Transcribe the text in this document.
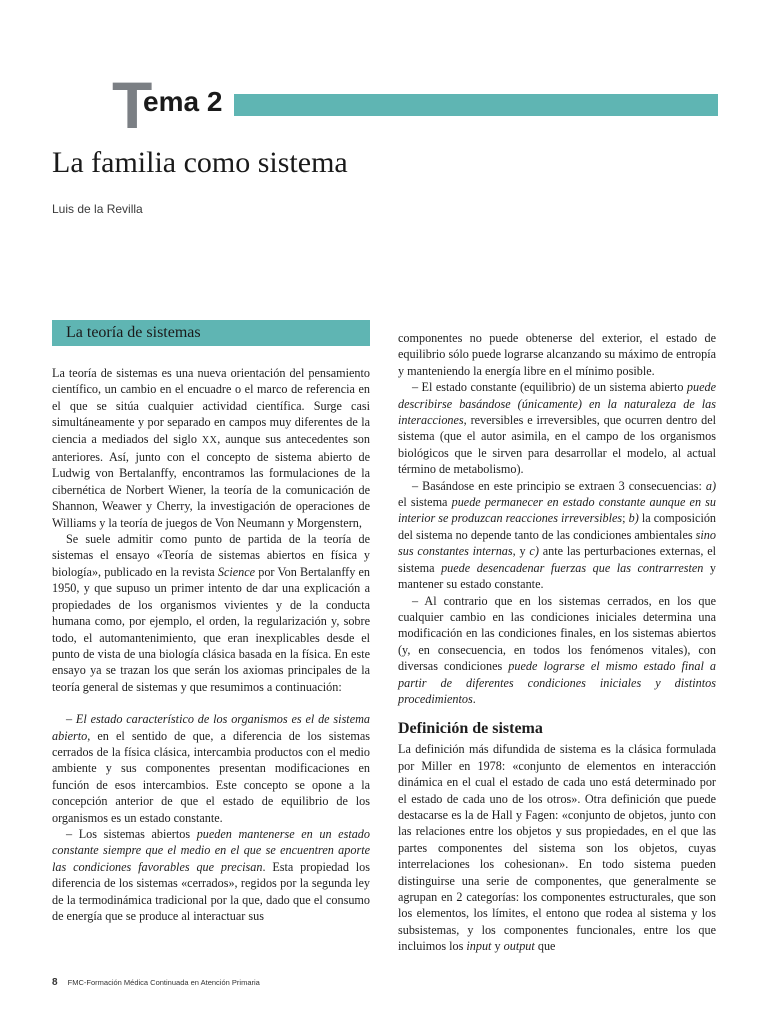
T
ema 2
La familia como sistema
Luis de la Revilla
La teoría de sistemas

La teoría de sistemas es una nueva orientación del pensamiento científico, un cambio en el encuadre o el marco de referencia en el que se sitúa cualquier actividad científica. Surge casi simultáneamente y por separado en campos muy diferentes de la ciencia a mediados del siglo XX, aunque sus antecedentes son anteriores. Así, junto con el concepto de sistema abierto de Ludwig von Bertalanffy, encontramos las formulaciones de la cibernética de Norbert Wiener, la teoría de la comunicación de Shannon, Weawer y Cherry, la investigación de operaciones de Williams y la teoría de juegos de Von Neumann y Morgenstern,

Se suele admitir como punto de partida de la teoría de sistemas el ensayo «Teoría de sistemas abiertos en física y biología», publicado en la revista Science por Von Bertalanffy en 1950, y que supuso un primer intento de dar una explicación a propiedades de los organismos vivientes y de la conducta humana como, por ejemplo, el orden, la regularización y, sobre todo, el automantenimiento, que eran inexplicables desde el punto de vista de una biología clásica basada en la física. En este ensayo ya se trazan los que serán los axiomas principales de la teoría general de sistemas y que resumimos a continuación:

– El estado característico de los organismos es el de sistema abierto, en el sentido de que, a diferencia de los sistemas cerrados de la física clásica, intercambia productos con el medio ambiente y sus componentes presentan modificaciones en función de esos intercambios. Este concepto se opone a la concepción anterior de que el estado de equilibrio de los organismos es un estado constante.

– Los sistemas abiertos pueden mantenerse en un estado constante siempre que el medio en el que se encuentren aporte las condiciones favorables que precisan. Esta propiedad los diferencia de los sistemas «cerrados», regidos por la segunda ley de la termodinámica tradicional por la que, dado que el consumo de energía que se produce al interactuar sus

componentes no puede obtenerse del exterior, el estado de equilibrio sólo puede lograrse alcanzando su máximo de entropía y manteniendo la energía libre en el mínimo posible.

– El estado constante (equilibrio) de un sistema abierto puede describirse basándose (únicamente) en la naturaleza de las interacciones, reversibles e irreversibles, que ocurren dentro del sistema (que el autor asimila, en el campo de los organismos biológicos que le sirven para desarrollar el modelo, al actual término de metabolismo).

– Basándose en este principio se extraen 3 consecuencias: a) el sistema puede permanecer en estado constante aunque en su interior se produzcan reacciones irreversibles; b) la composición del sistema no depende tanto de las condiciones ambientales sino sus constantes internas, y c) ante las perturbaciones externas, el sistema puede desencadenar fuerzas que las contrarresten y mantener su estado constante.

– Al contrario que en los sistemas cerrados, en los que cualquier cambio en las condiciones iniciales determina una modificación en las condiciones finales, en los sistemas abiertos (y, en consecuencia, en todos los fenómenos vitales), con diversas condiciones puede lograrse el mismo estado final a partir de diferentes condiciones iniciales y distintos procedimientos.

Definición de sistema

La definición más difundida de sistema es la clásica formulada por Miller en 1978: «conjunto de elementos en interacción dinámica en el cual el estado de cada uno está determinado por el estado de cada uno de los otros». Otra definición que puede destacarse es la de Hall y Fagen: «conjunto de objetos, junto con las relaciones entre los objetos y sus propiedades, en el que las partes componentes del sistema son los objetos, cuyas interrelaciones los cohesionan». En todo sistema pueden distinguirse una serie de componentes, que generalmente se agrupan en 2 categorías: los componentes estructurales, que son los elementos, los límites, el entono que rodea al sistema y los subsistemas, y los componentes funcionales, entre los que incluimos los input y output que

8 FMC-Formación Médica Continuada en Atención Primaria
